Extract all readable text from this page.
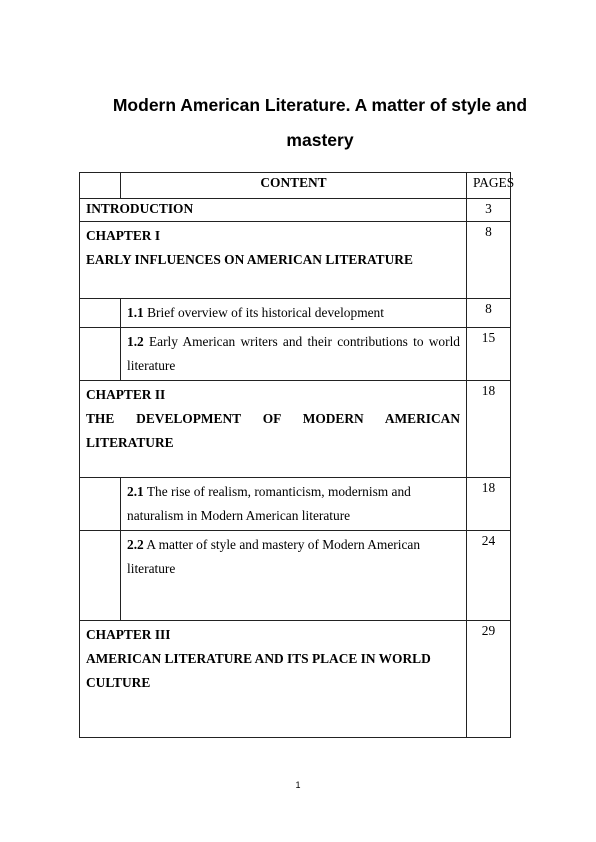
Modern American Literature. A matter of style and mastery
	CONTENT	PAGES
INTRODUCTION		3

CHAPTER I
EARLY INFLUENCES ON AMERICAN LITERATURE		8
	1.1 Brief overview of its historical development	8
	1.2 Early American writers and their contributions to world literature	15

CHAPTER II
THE DEVELOPMENT OF MODERN AMERICAN LITERATURE		18
	2.1 The rise of realism, romanticism, modernism and naturalism in Modern American literature	18
	2.2 A matter of style and mastery of Modern American literature	24

CHAPTER III
AMERICAN LITERATURE AND ITS PLACE IN WORLD CULTURE		29
1
